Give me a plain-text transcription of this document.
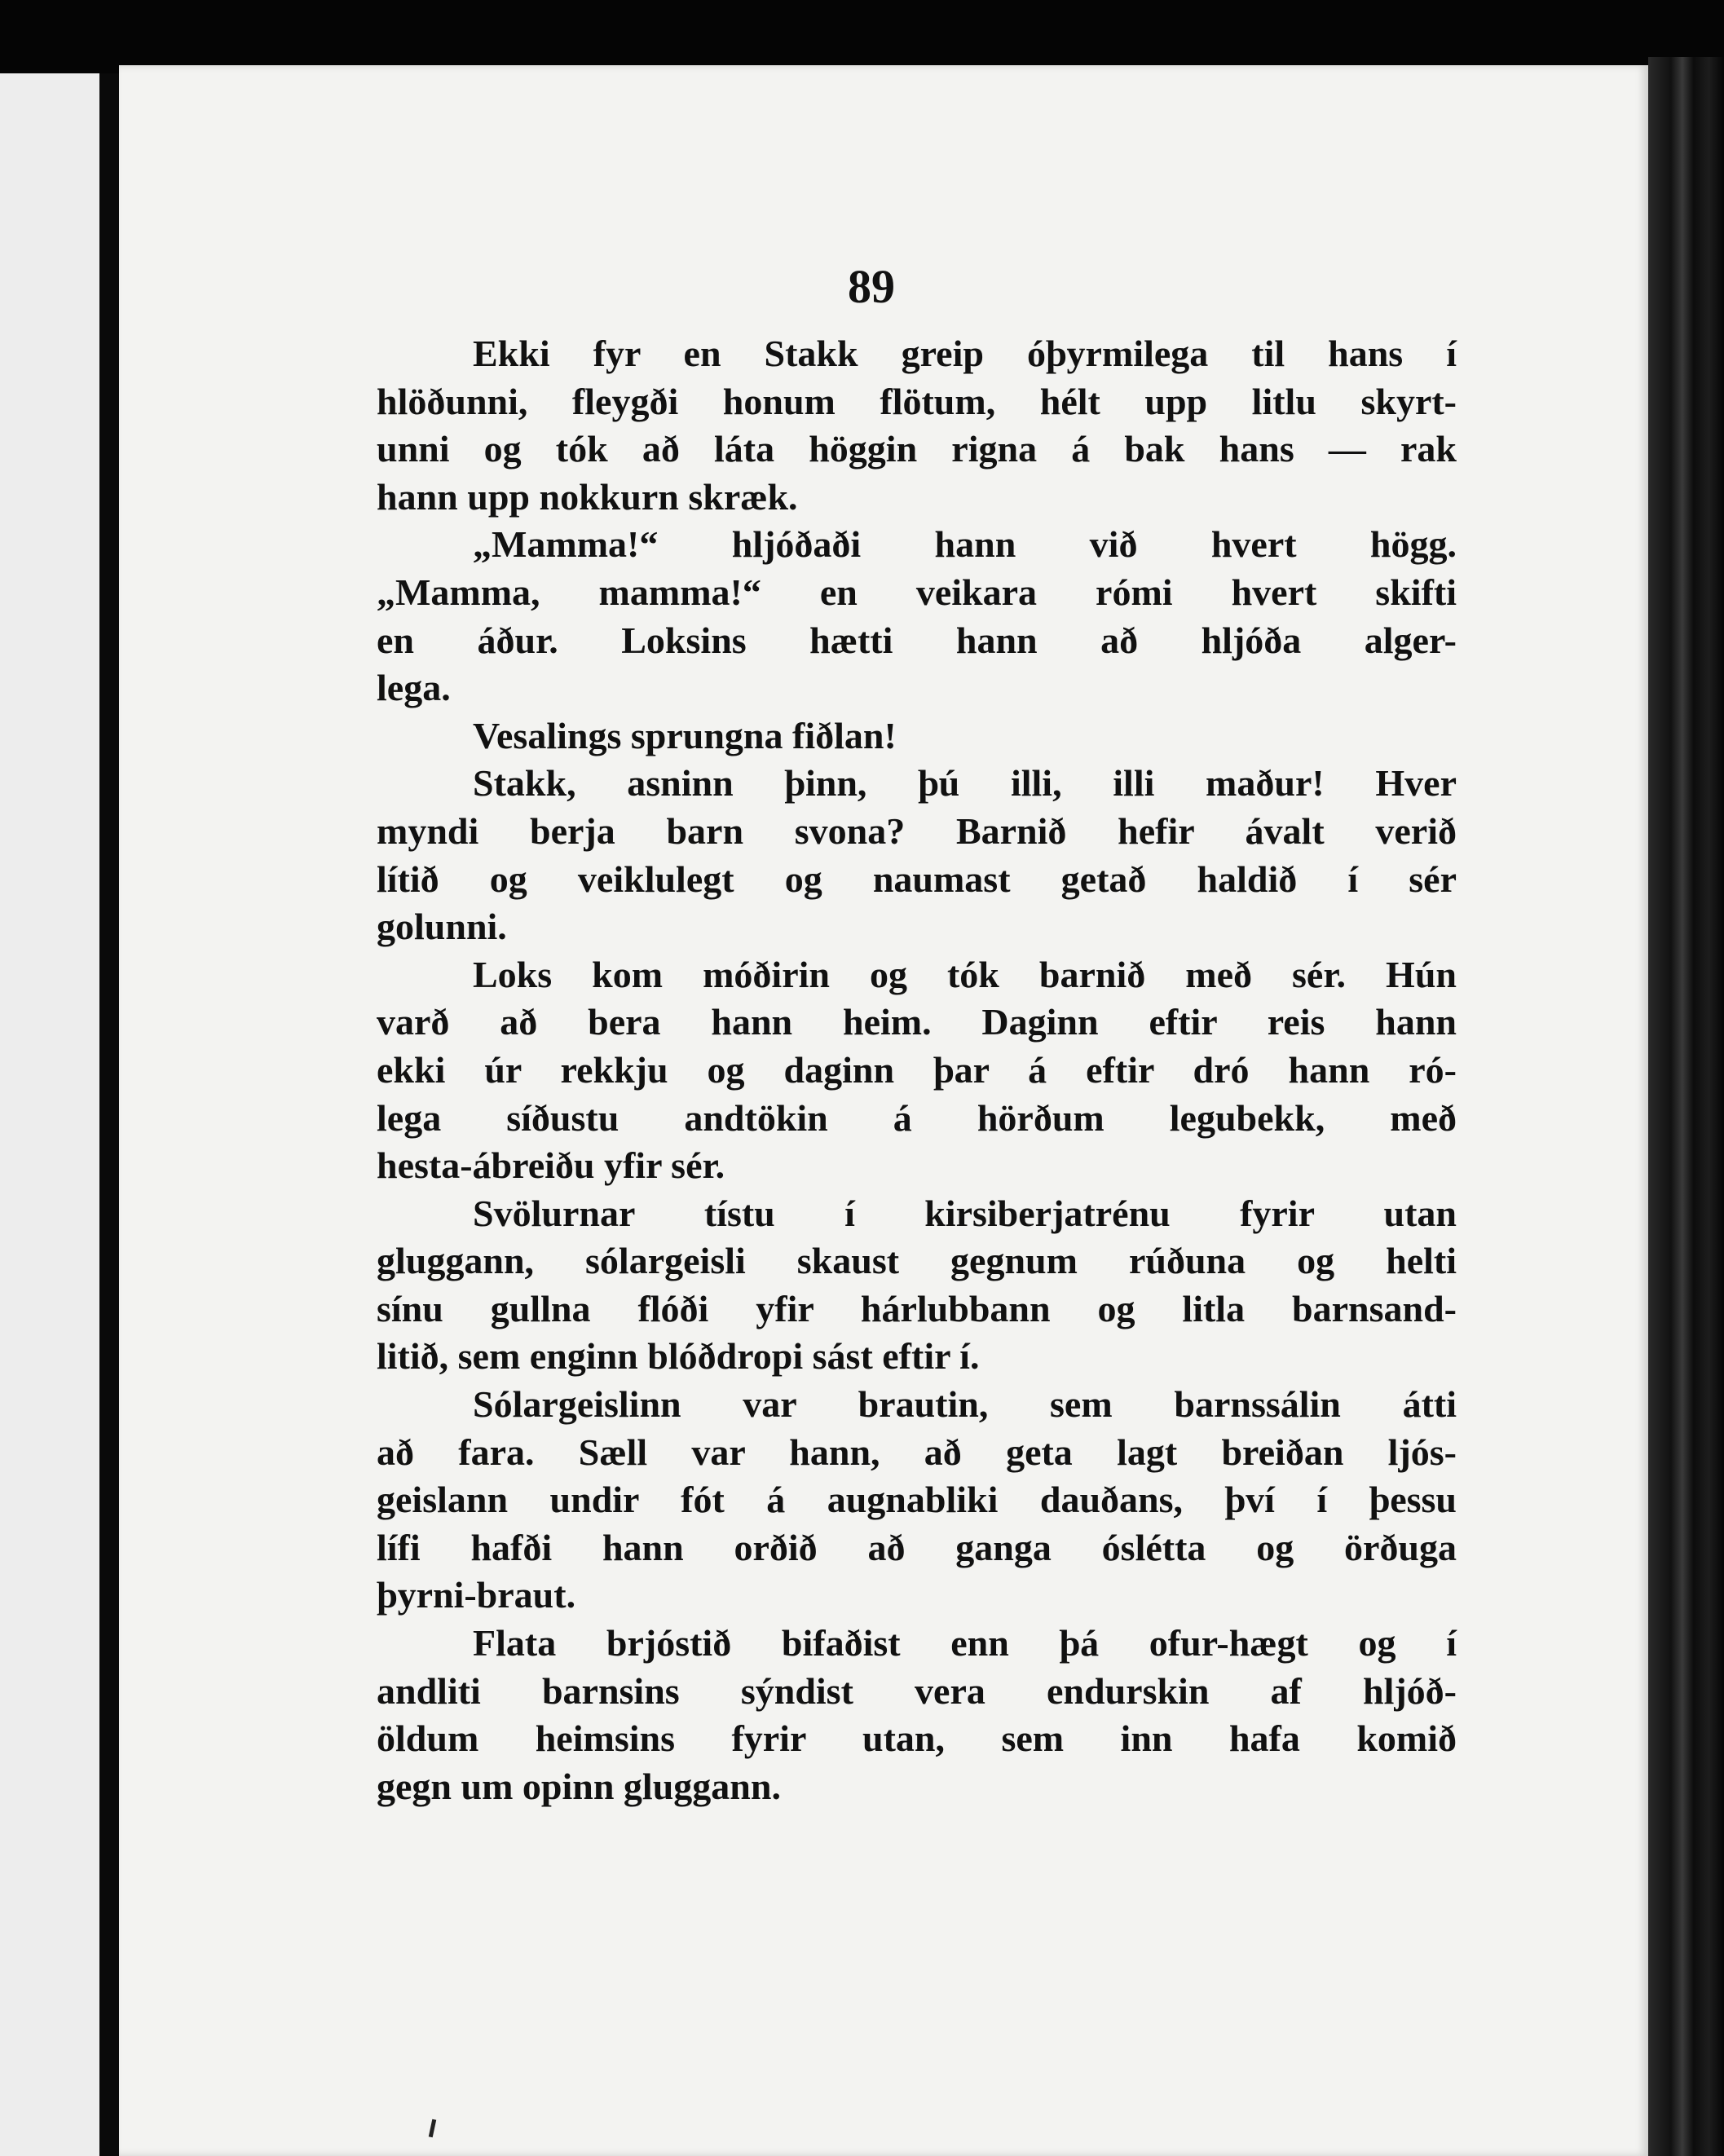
89
Ekki fyr en Stakk greip óþyrmilega til hans í
hlöðunni, fleygði honum flötum, hélt upp litlu skyrt-
unni og tók að láta höggin rigna á bak hans — rak
hann upp nokkurn skræk.
„Mamma!“ hljóðaði hann við hvert högg.
„Mamma, mamma!“ en veikara rómi hvert skifti
en áður. Loksins hætti hann að hljóða alger-
lega.
Vesalings sprungna fiðlan!
Stakk, asninn þinn, þú illi, illi maður! Hver
myndi berja barn svona? Barnið hefir ávalt verið
lítið og veiklulegt og naumast getað haldið í sér
golunni.
Loks kom móðirin og tók barnið með sér. Hún
varð að bera hann heim. Daginn eftir reis hann
ekki úr rekkju og daginn þar á eftir dró hann ró-
lega síðustu andtökin á hörðum legubekk, með
hesta-ábreiðu yfir sér.
Svölurnar tístu í kirsiberjatrénu fyrir utan
gluggann, sólargeisli skaust gegnum rúðuna og helti
sínu gullna flóði yfir hárlubbann og litla barnsand-
litið, sem enginn blóðdropi sást eftir í.
Sólargeislinn var brautin, sem barnssálin átti
að fara. Sæll var hann, að geta lagt breiðan ljós-
geislann undir fót á augnabliki dauðans, því í þessu
lífi hafði hann orðið að ganga óslétta og örðuga
þyrni-braut.
Flata brjóstið bifaðist enn þá ofur-hægt og í
andliti barnsins sýndist vera endurskin af hljóð-
öldum heimsins fyrir utan, sem inn hafa komið
gegn um opinn gluggann.
